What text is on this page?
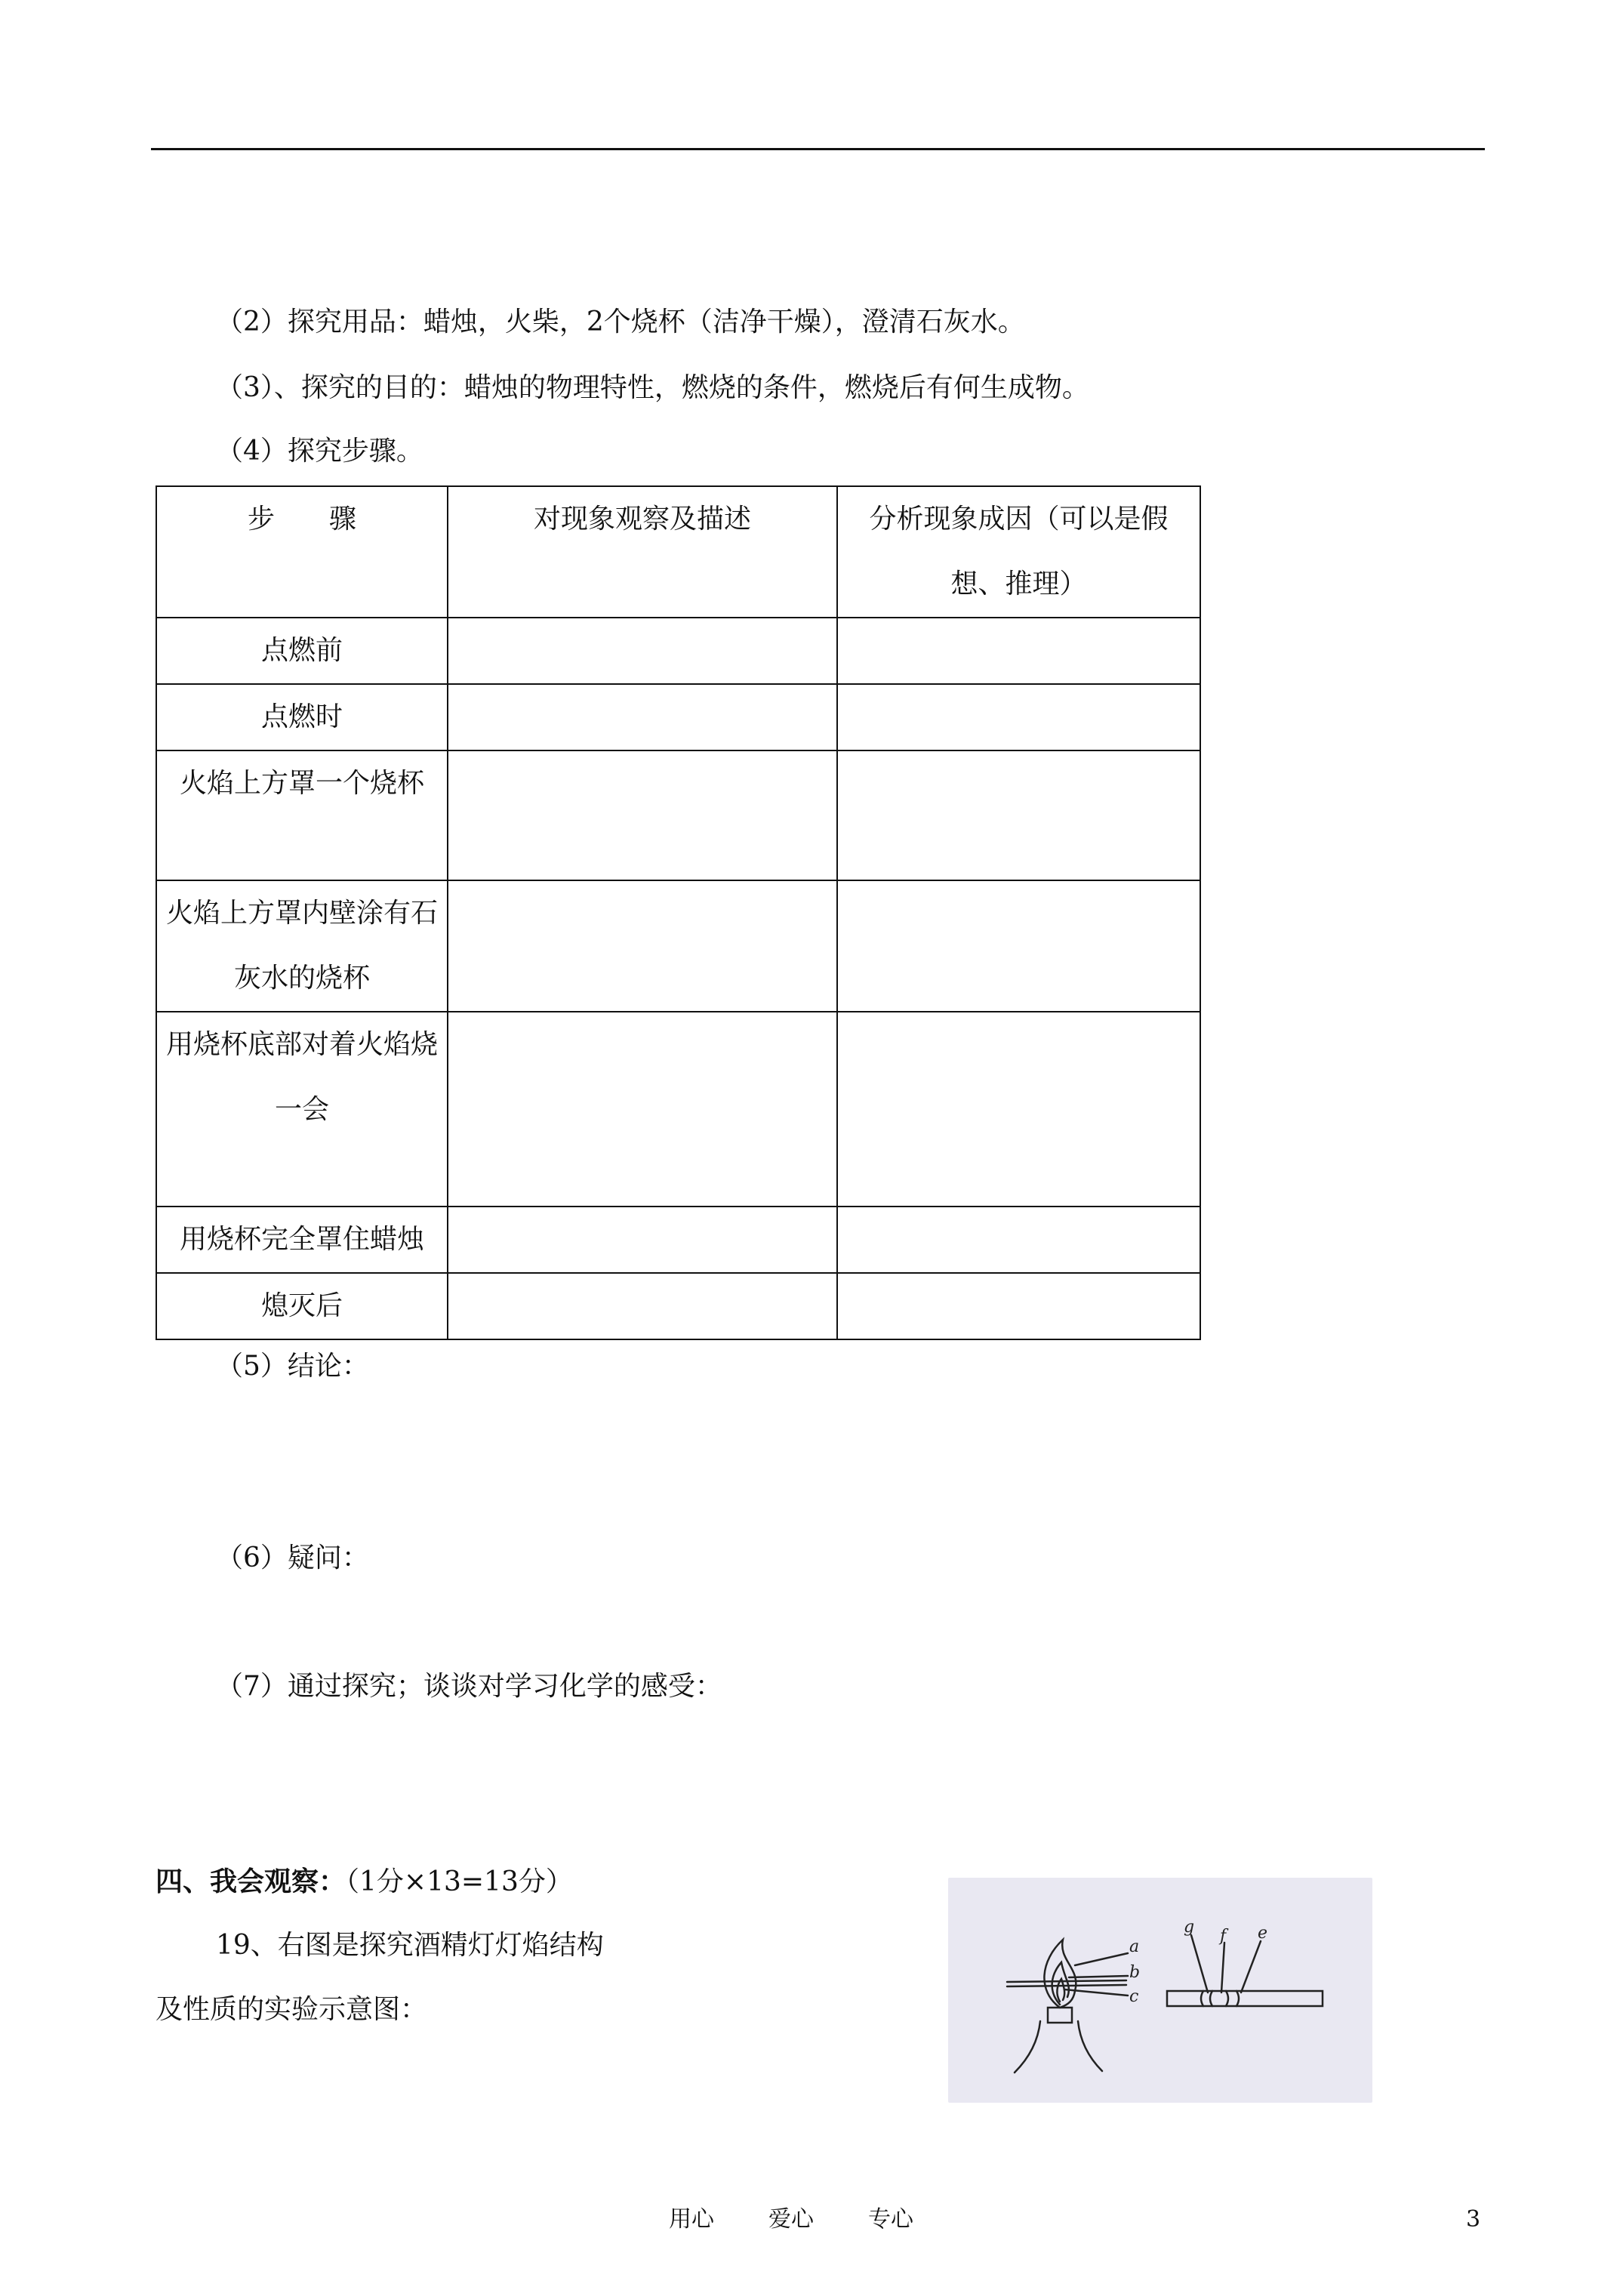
（2）探究用品：蜡烛，火柴，2个烧杯（洁净干燥），澄清石灰水。
（3）、探究的目的：蜡烛的物理特性，燃烧的条件，燃烧后有何生成物。
（4）探究步骤。
步　　骤	对现象观察及描述	分析现象成因（可以是假想、推理）
点燃前		
点燃时		
火焰上方罩一个烧杯		
火焰上方罩内壁涂有石灰水的烧杯		
用烧杯底部对着火焰烧一会		
用烧杯完全罩住蜡烛		
熄灭后		
（5）结论：
（6）疑问：
（7）通过探究；谈谈对学习化学的感受：
四、我会观察：（1分×13=13分）
19、右图是探究酒精灯灯焰结构
及性质的实验示意图：
a
b
c
g f e
用心 爱心 专心	3
